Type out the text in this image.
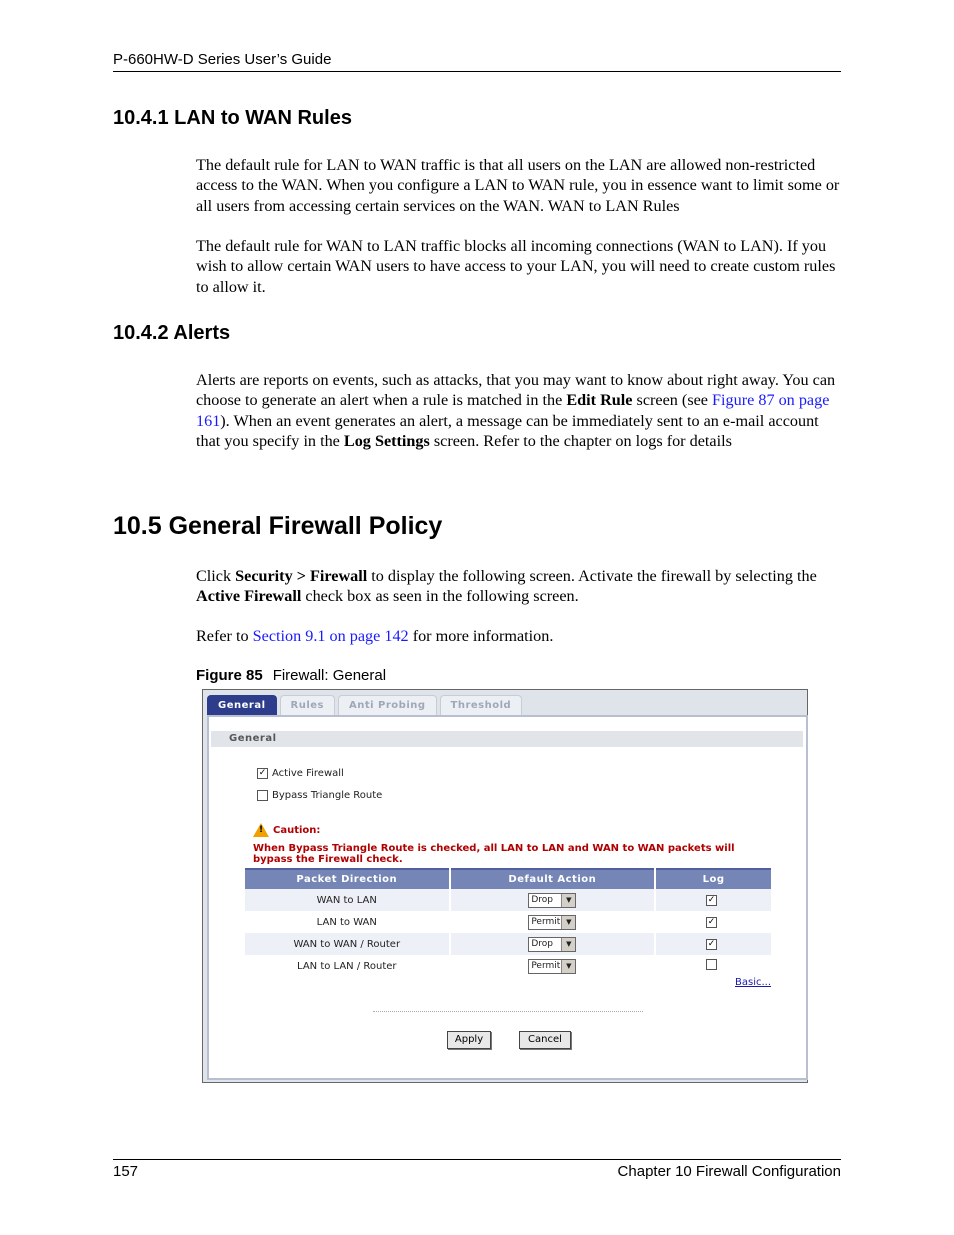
P-660HW-D Series User’s Guide
10.4.1 LAN to WAN Rules

The default rule for LAN to WAN traffic is that all users on the LAN are allowed non-restricted access to the WAN. When you configure a LAN to WAN rule, you in essence want to limit some or all users from accessing certain services on the WAN. WAN to LAN Rules

The default rule for WAN to LAN traffic blocks all incoming connections (WAN to LAN). If you wish to allow certain WAN users to have access to your LAN, you will need to create custom rules to allow it.

10.4.2 Alerts

Alerts are reports on events, such as attacks, that you may want to know about right away. You can choose to generate an alert when a rule is matched in the Edit Rule screen (see Figure 87 on page 161). When an event generates an alert, a message can be immediately sent to an e-mail account that you specify in the Log Settings screen. Refer to the chapter on logs for details

10.5 General Firewall Policy

Click Security > Firewall to display the following screen. Activate the firewall by selecting the Active Firewall check box as seen in the following screen.

Refer to Section 9.1 on page 142 for more information.

Figure 85 Firewall: General
General	Rules	Anti Probing	Threshold
General
✓ Active Firewall
Bypass Triangle Route
! Caution:
When Bypass Triangle Route is checked, all LAN to LAN and WAN to WAN packets will bypass the Firewall check.
Packet Direction	Default Action	Log
WAN to LAN	Drop ▼	✓
LAN to WAN	Permit ▼	✓
WAN to WAN / Router	Drop ▼	✓
LAN to LAN / Router	Permit ▼	

Basic...
Apply	Cancel
157	Chapter 10 Firewall Configuration
